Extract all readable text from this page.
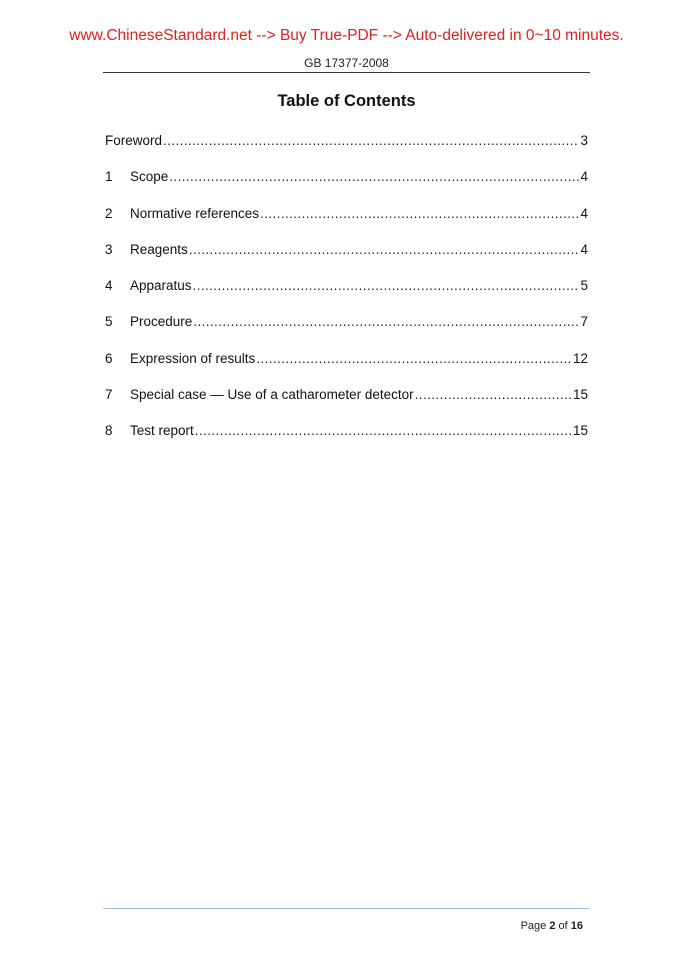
www.ChineseStandard.net --> Buy True-PDF --> Auto-delivered in 0~10 minutes.
GB 17377-2008
Table of Contents
Foreword .....	3
1	Scope .....	4
2	Normative references .....	4
3	Reagents .....	4
4	Apparatus .....	5
5	Procedure .....	7
6	Expression of results .....	12
7	Special case — Use of a catharometer detector .....	15
8	Test report .....	15
Page 2 of 16
